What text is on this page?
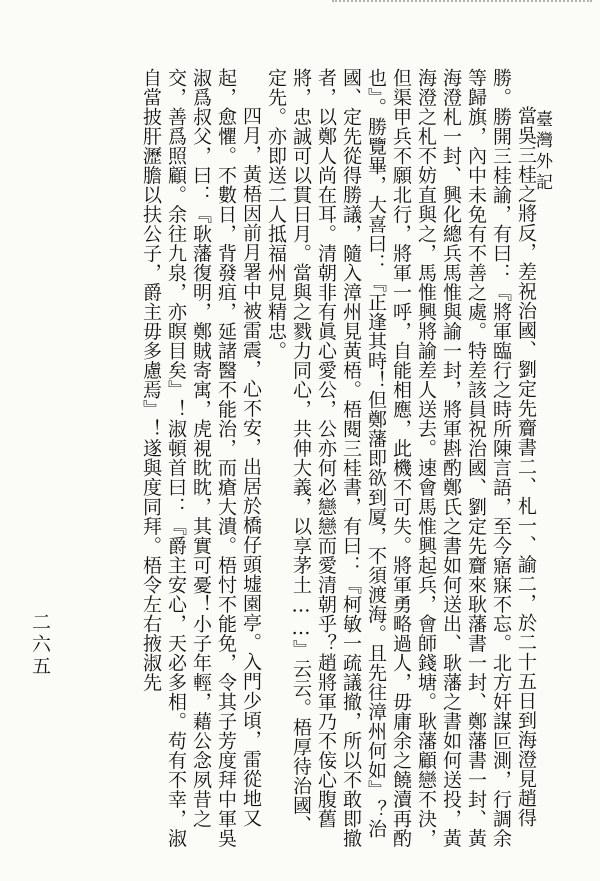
臺灣外記
二六五	當吳三桂之將反，差祝治國、劉定先齎書二、札一、諭二，於二十五日到海澄見趙得勝。勝開三桂諭，有曰：『將軍臨行之時所陳言語，至今寤寐不忘。北方奸謀叵測，行調余等歸旗，內中未免有不善之處。特差該員祝治國、劉定先齎來耿藩書一封、鄭藩書一封、黃海澄札一封、興化總兵馬惟與諭一封，將軍斟酌鄭氏之書如何送出、耿藩之書如何送投，黃海澄之札不妨直與之，馬惟興將諭差人送去。速會馬惟興起兵，會師錢塘。耿藩顧戀不決，但渠甲兵不願北行，將軍一呼，自能相應，此機不可失。將軍勇略過人，毋庸余之饒瀆再酌也』。勝覽畢，大喜曰：『正逢其時！但鄭藩即欲到厦，不須渡海。且先往漳州何如』？治國、定先從得勝議，隨入漳州見黃梧。梧閱三桂書，有曰：『柯敏一疏議撤，所以不敢即撤者，以鄭人尚在耳。清朝非有眞心愛公，公亦何必戀戀而愛清朝乎？趙將軍乃不侫心腹舊將，忠誠可以貫日月。當與之戮力同心，共伸大義，以享茅土……』云云。梧厚待治國、定先。亦即送二人抵福州見精忠。

四月，黃梧因前月署中被雷震，心不安，出居於橋仔頭墟園亭。入門少頃，雷從地又起，愈懼。不數日，背發疽，延諸醫不能治，而瘡大潰。梧忖不能免，令其子芳度拜中軍吳淑爲叔父，曰：『耿藩復明，鄭賊寄寓，虎視眈眈，其實可憂！小子年輕，藉公念夙昔之交，善爲照顧。余往九泉，亦瞑目矣』！淑頓首曰：『爵主安心，天必多相。苟有不幸，淑自當披肝瀝膽以扶公子，爵主毋多慮焉』！遂與度同拜。梧令左右掖淑先
